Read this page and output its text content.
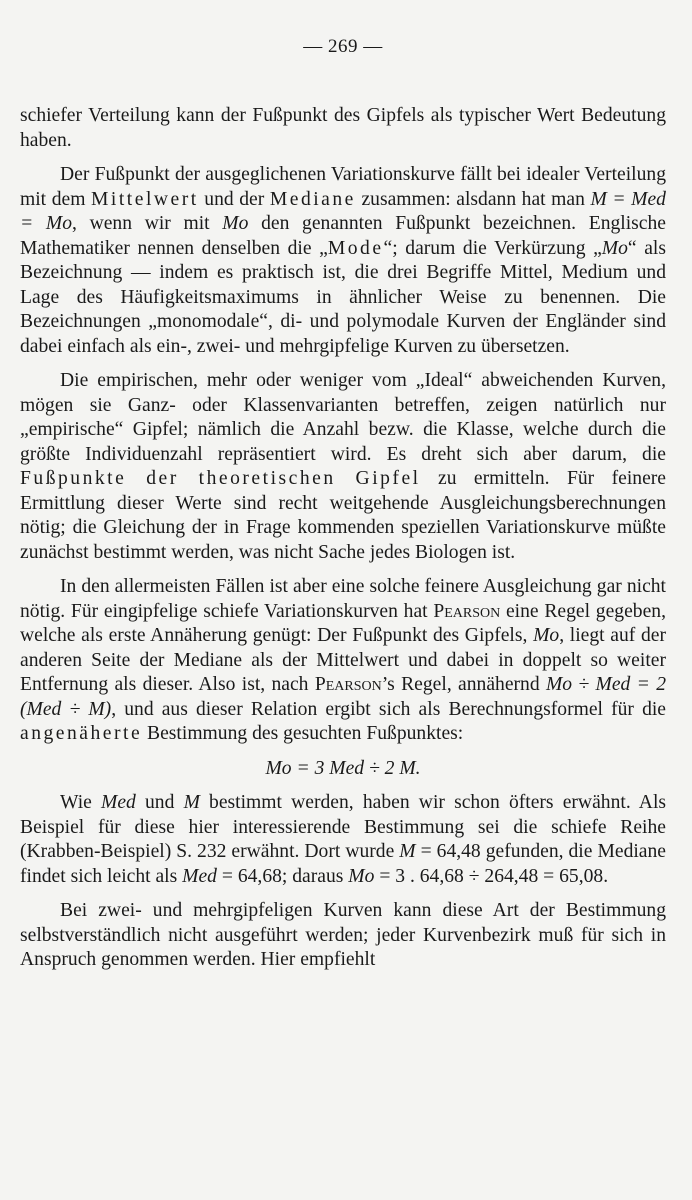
— 269 —

schiefer Verteilung kann der Fußpunkt des Gipfels als typischer Wert Bedeutung haben.

Der Fußpunkt der ausgeglichenen Variationskurve fällt bei idealer Verteilung mit dem Mittelwert und der Mediane zusammen: alsdann hat man M = Med = Mo, wenn wir mit Mo den genannten Fußpunkt bezeichnen. Englische Mathematiker nennen denselben die „Mode“; darum die Verkürzung „Mo“ als Bezeichnung — indem es praktisch ist, die drei Begriffe Mittel, Medium und Lage des Häufigkeitsmaximums in ähnlicher Weise zu benennen. Die Bezeichnungen „monomodale“, di- und polymodale Kurven der Engländer sind dabei einfach als ein-, zwei- und mehrgipfelige Kurven zu übersetzen.

Die empirischen, mehr oder weniger vom „Ideal“ abweichenden Kurven, mögen sie Ganz- oder Klassenvarianten betreffen, zeigen natürlich nur „empirische“ Gipfel; nämlich die Anzahl bezw. die Klasse, welche durch die größte Individuenzahl repräsentiert wird. Es dreht sich aber darum, die Fußpunkte der theoretischen Gipfel zu ermitteln. Für feinere Ermittlung dieser Werte sind recht weitgehende Ausgleichungsberechnungen nötig; die Gleichung der in Frage kommenden speziellen Variationskurve müßte zunächst bestimmt werden, was nicht Sache jedes Biologen ist.

In den allermeisten Fällen ist aber eine solche feinere Ausgleichung gar nicht nötig. Für eingipfelige schiefe Variationskurven hat Pearson eine Regel gegeben, welche als erste Annäherung genügt: Der Fußpunkt des Gipfels, Mo, liegt auf der anderen Seite der Mediane als der Mittelwert und dabei in doppelt so weiter Entfernung als dieser. Also ist, nach Pearson’s Regel, annähernd Mo ÷ Med = 2 (Med ÷ M), und aus dieser Relation ergibt sich als Berechnungsformel für die angenäherte Bestimmung des gesuchten Fußpunktes:

Mo = 3 Med ÷ 2 M.

Wie Med und M bestimmt werden, haben wir schon öfters erwähnt. Als Beispiel für diese hier interessierende Bestimmung sei die schiefe Reihe (Krabben-Beispiel) S. 232 erwähnt. Dort wurde M = 64,48 gefunden, die Mediane findet sich leicht als Med = 64,68; daraus Mo = 3 . 64,68 ÷ 264,48 = 65,08.

Bei zwei- und mehrgipfeligen Kurven kann diese Art der Bestimmung selbstverständlich nicht ausgeführt werden; jeder Kurvenbezirk muß für sich in Anspruch genommen werden. Hier empfiehlt
